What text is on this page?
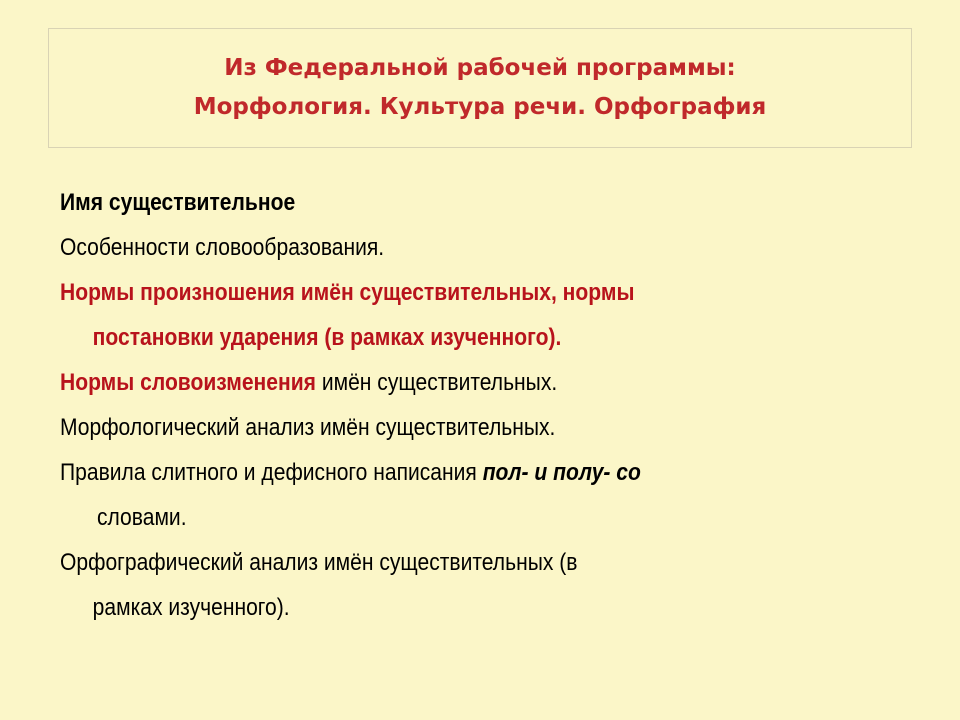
Из Федеральной рабочей программы:
Морфология. Культура речи. Орфография
Имя существительное
Особенности словообразования.
Нормы произношения имён существительных, нормы
постановки ударения (в рамках изученного).
Нормы словоизменения имён существительных.
Морфологический анализ имён существительных.
Правила слитного и дефисного написания пол- и полу- со
словами.
Орфографический анализ имён существительных (в
рамках изученного).
